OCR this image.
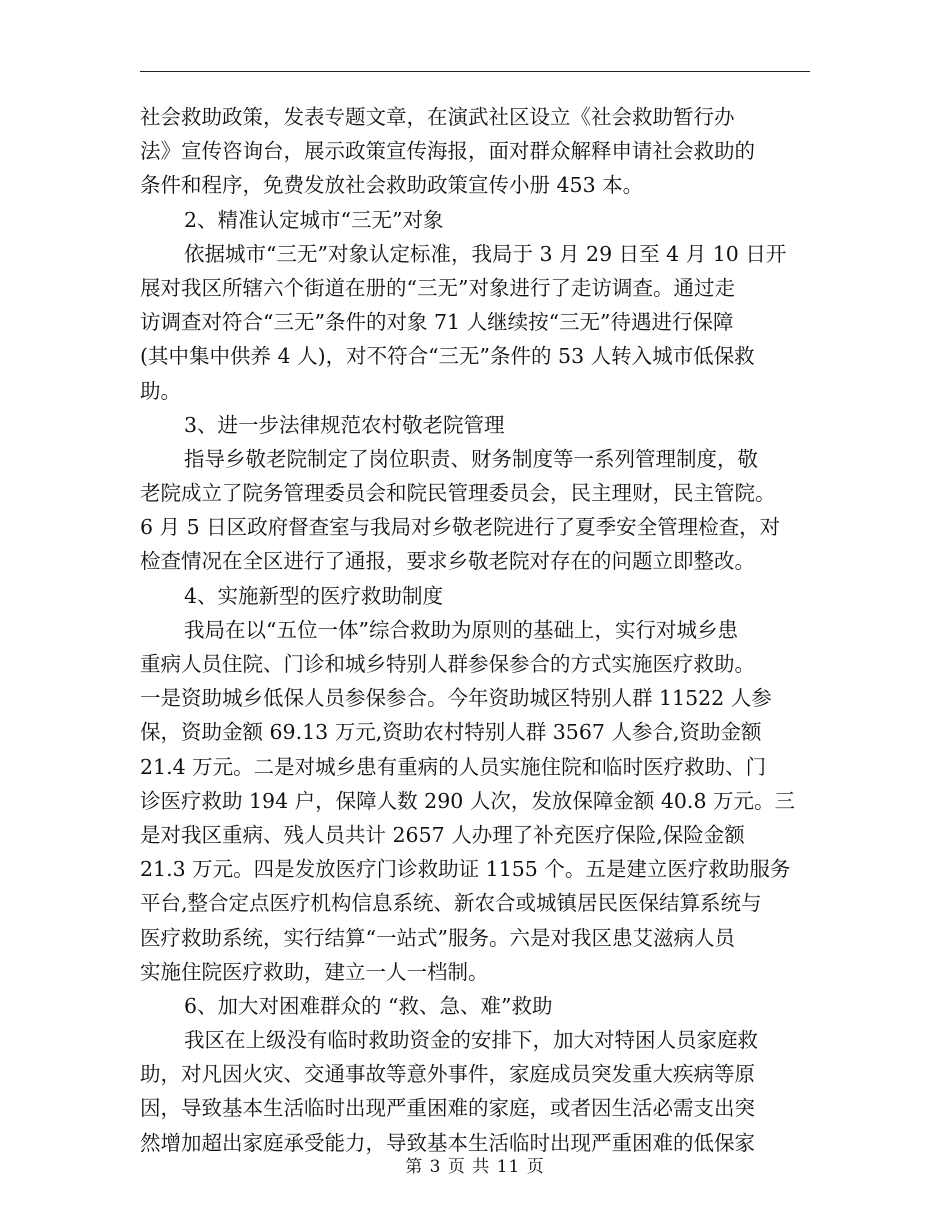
社会救助政策，发表专题文章，在演武社区设立《社会救助暂行办
法》宣传咨询台，展示政策宣传海报，面对群众解释申请社会救助的
条件和程序，免费发放社会救助政策宣传小册 453 本。
2、精准认定城市“三无”对象
依据城市“三无”对象认定标准，我局于 3 月 29 日至 4 月 10 日开
展对我区所辖六个街道在册的“三无”对象进行了走访调查。通过走
访调查对符合“三无”条件的对象 71 人继续按“三无”待遇进行保障
(其中集中供养 4 人)，对不符合“三无”条件的 53 人转入城市低保救
助。
3、进一步法律规范农村敬老院管理
指导乡敬老院制定了岗位职责、财务制度等一系列管理制度，敬
老院成立了院务管理委员会和院民管理委员会，民主理财，民主管院。
6 月 5 日区政府督查室与我局对乡敬老院进行了夏季安全管理检查，对
检查情况在全区进行了通报，要求乡敬老院对存在的问题立即整改。
4、实施新型的医疗救助制度
我局在以“五位一体”综合救助为原则的基础上，实行对城乡患
重病人员住院、门诊和城乡特别人群参保参合的方式实施医疗救助。
一是资助城乡低保人员参保参合。今年资助城区特别人群 11522 人参
保，资助金额 69.13 万元,资助农村特别人群 3567 人参合,资助金额
21.4 万元。二是对城乡患有重病的人员实施住院和临时医疗救助、门
诊医疗救助 194 户，保障人数 290 人次，发放保障金额 40.8 万元。三
是对我区重病、残人员共计 2657 人办理了补充医疗保险,保险金额
21.3 万元。四是发放医疗门诊救助证 1155 个。五是建立医疗救助服务
平台,整合定点医疗机构信息系统、新农合或城镇居民医保结算系统与
医疗救助系统，实行结算“一站式”服务。六是对我区患艾滋病人员
实施住院医疗救助，建立一人一档制。
6、加大对困难群众的 “救、急、难”救助
我区在上级没有临时救助资金的安排下，加大对特困人员家庭救
助，对凡因火灾、交通事故等意外事件，家庭成员突发重大疾病等原
因，导致基本生活临时出现严重困难的家庭，或者因生活必需支出突
然增加超出家庭承受能力，导致基本生活临时出现严重困难的低保家
第 3 页 共 11 页
